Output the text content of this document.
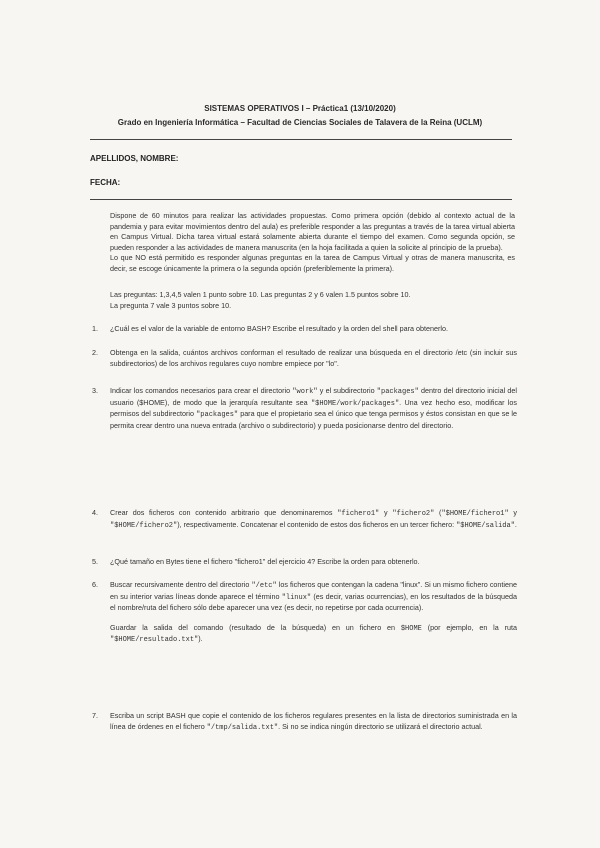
SISTEMAS OPERATIVOS I – Práctica1 (13/10/2020)
Grado en Ingeniería Informática – Facultad de Ciencias Sociales de Talavera de la Reina (UCLM)
APELLIDOS, NOMBRE:
FECHA:

Dispone de 60 minutos para realizar las actividades propuestas. Como primera opción (debido al contexto actual de la pandemia y para evitar movimientos dentro del aula) es preferible responder a las preguntas a través de la tarea virtual abierta en Campus Virtual. Dicha tarea virtual estará solamente abierta durante el tiempo del examen. Como segunda opción, se pueden responder a las actividades de manera manuscrita (en la hoja facilitada a quien la solicite al principio de la prueba).

Lo que NO está permitido es responder algunas preguntas en la tarea de Campus Virtual y otras de manera manuscrita, es decir, se escoge únicamente la primera o la segunda opción (preferiblemente la primera).

Las preguntas: 1,3,4,5 valen 1 punto sobre 10. Las preguntas 2 y 6 valen 1.5 puntos sobre 10.
La pregunta 7 vale 3 puntos sobre 10.
1.	¿Cuál es el valor de la variable de entorno BASH? Escribe el resultado y la orden del shell para obtenerlo.

2.	Obtenga en la salida, cuántos archivos conforman el resultado de realizar una búsqueda en el directorio /etc (sin incluir sus subdirectorios) de los archivos regulares cuyo nombre empiece por "lo".

3.	Indicar los comandos necesarios para crear el directorio "work" y el subdirectorio "packages" dentro del directorio inicial del usuario ($HOME), de modo que la jerarquía resultante sea "$HOME/work/packages". Una vez hecho eso, modificar los permisos del subdirectorio "packages" para que el propietario sea el único que tenga permisos y éstos consistan en que se le permita crear dentro una nueva entrada (archivo o subdirectorio) y pueda posicionarse dentro del directorio.

4.	Crear dos ficheros con contenido arbitrario que denominaremos "fichero1" y "fichero2" ("$HOME/fichero1" y "$HOME/fichero2"), respectivamente. Concatenar el contenido de estos dos ficheros en un tercer fichero: "$HOME/salida".

5.	¿Qué tamaño en Bytes tiene el fichero "fichero1" del ejercicio 4? Escribe la orden para obtenerlo.

6.	Buscar recursivamente dentro del directorio "/etc" los ficheros que contengan la cadena "linux". Si un mismo fichero contiene en su interior varias líneas donde aparece el término "linux" (es decir, varias ocurrencias), en los resultados de la búsqueda el nombre/ruta del fichero sólo debe aparecer una vez (es decir, no repetirse por cada ocurrencia).

Guardar la salida del comando (resultado de la búsqueda) en un fichero en $HOME (por ejemplo, en la ruta "$HOME/resultado.txt").

7.	Escriba un script BASH que copie el contenido de los ficheros regulares presentes en la lista de directorios suministrada en la línea de órdenes en el fichero "/tmp/salida.txt". Si no se indica ningún directorio se utilizará el directorio actual.
